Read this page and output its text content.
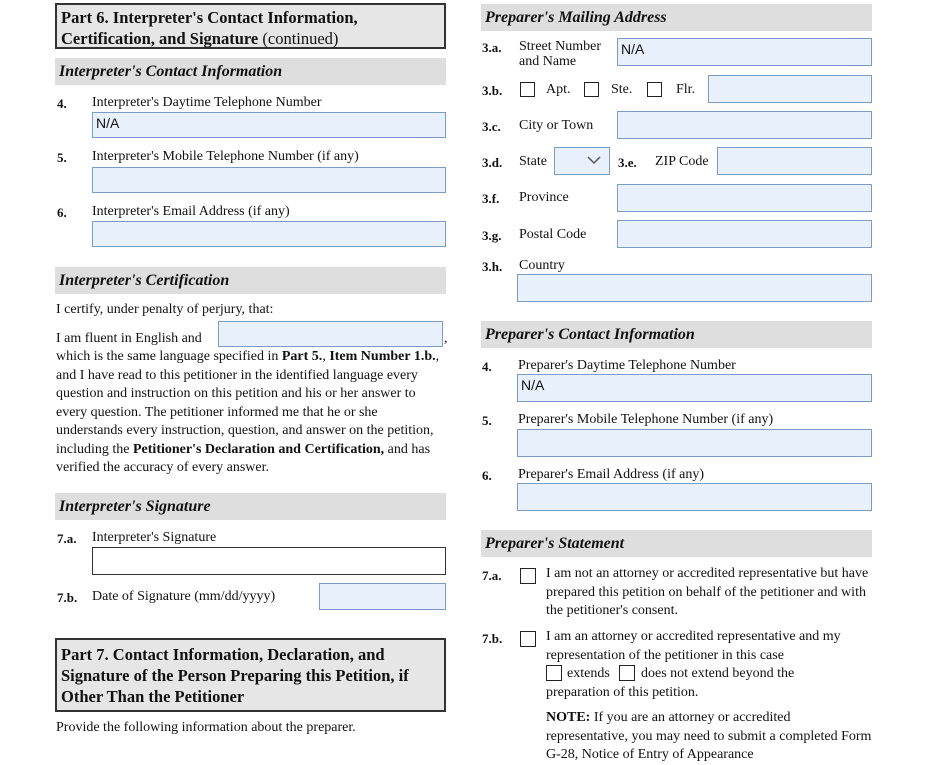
Part 6. Interpreter's Contact Information, Certification, and Signature (continued)
Interpreter's Contact Information
4. Interpreter's Daytime Telephone Number
N/A
5. Interpreter's Mobile Telephone Number (if any)
6. Interpreter's Email Address (if any)
Interpreter's Certification
I certify, under penalty of perjury, that:
I am fluent in English and	,
which is the same language specified in Part 5., Item Number 1.b., and I have read to this petitioner in the identified language every question and instruction on this petition and his or her answer to every question. The petitioner informed me that he or she understands every instruction, question, and answer on the petition, including the Petitioner's Declaration and Certification, and has verified the accuracy of every answer.
Interpreter's Signature
7.a. Interpreter's Signature
7.b. Date of Signature (mm/dd/yyyy)
Part 7. Contact Information, Declaration, and Signature of the Person Preparing this Petition, if Other Than the Petitioner
Provide the following information about the preparer.
Preparer's Mailing Address
3.a. Street Number and Name
N/A
3.b.	Apt.	Ste.	Flr.
3.c. City or Town
3.d. State	3.e. ZIP Code
3.f. Province
3.g. Postal Code
3.h. Country
Preparer's Contact Information
4. Preparer's Daytime Telephone Number
N/A
5. Preparer's Mobile Telephone Number (if any)
6. Preparer's Email Address (if any)
Preparer's Statement
7.a.	I am not an attorney or accredited representative but have prepared this petition on behalf of the petitioner and with the petitioner's consent.
7.b.	I am an attorney or accredited representative and my representation of the petitioner in this case
extends does not extend beyond the
preparation of this petition.
NOTE: If you are an attorney or accredited representative, you may need to submit a completed Form G-28, Notice of Entry of Appearance
